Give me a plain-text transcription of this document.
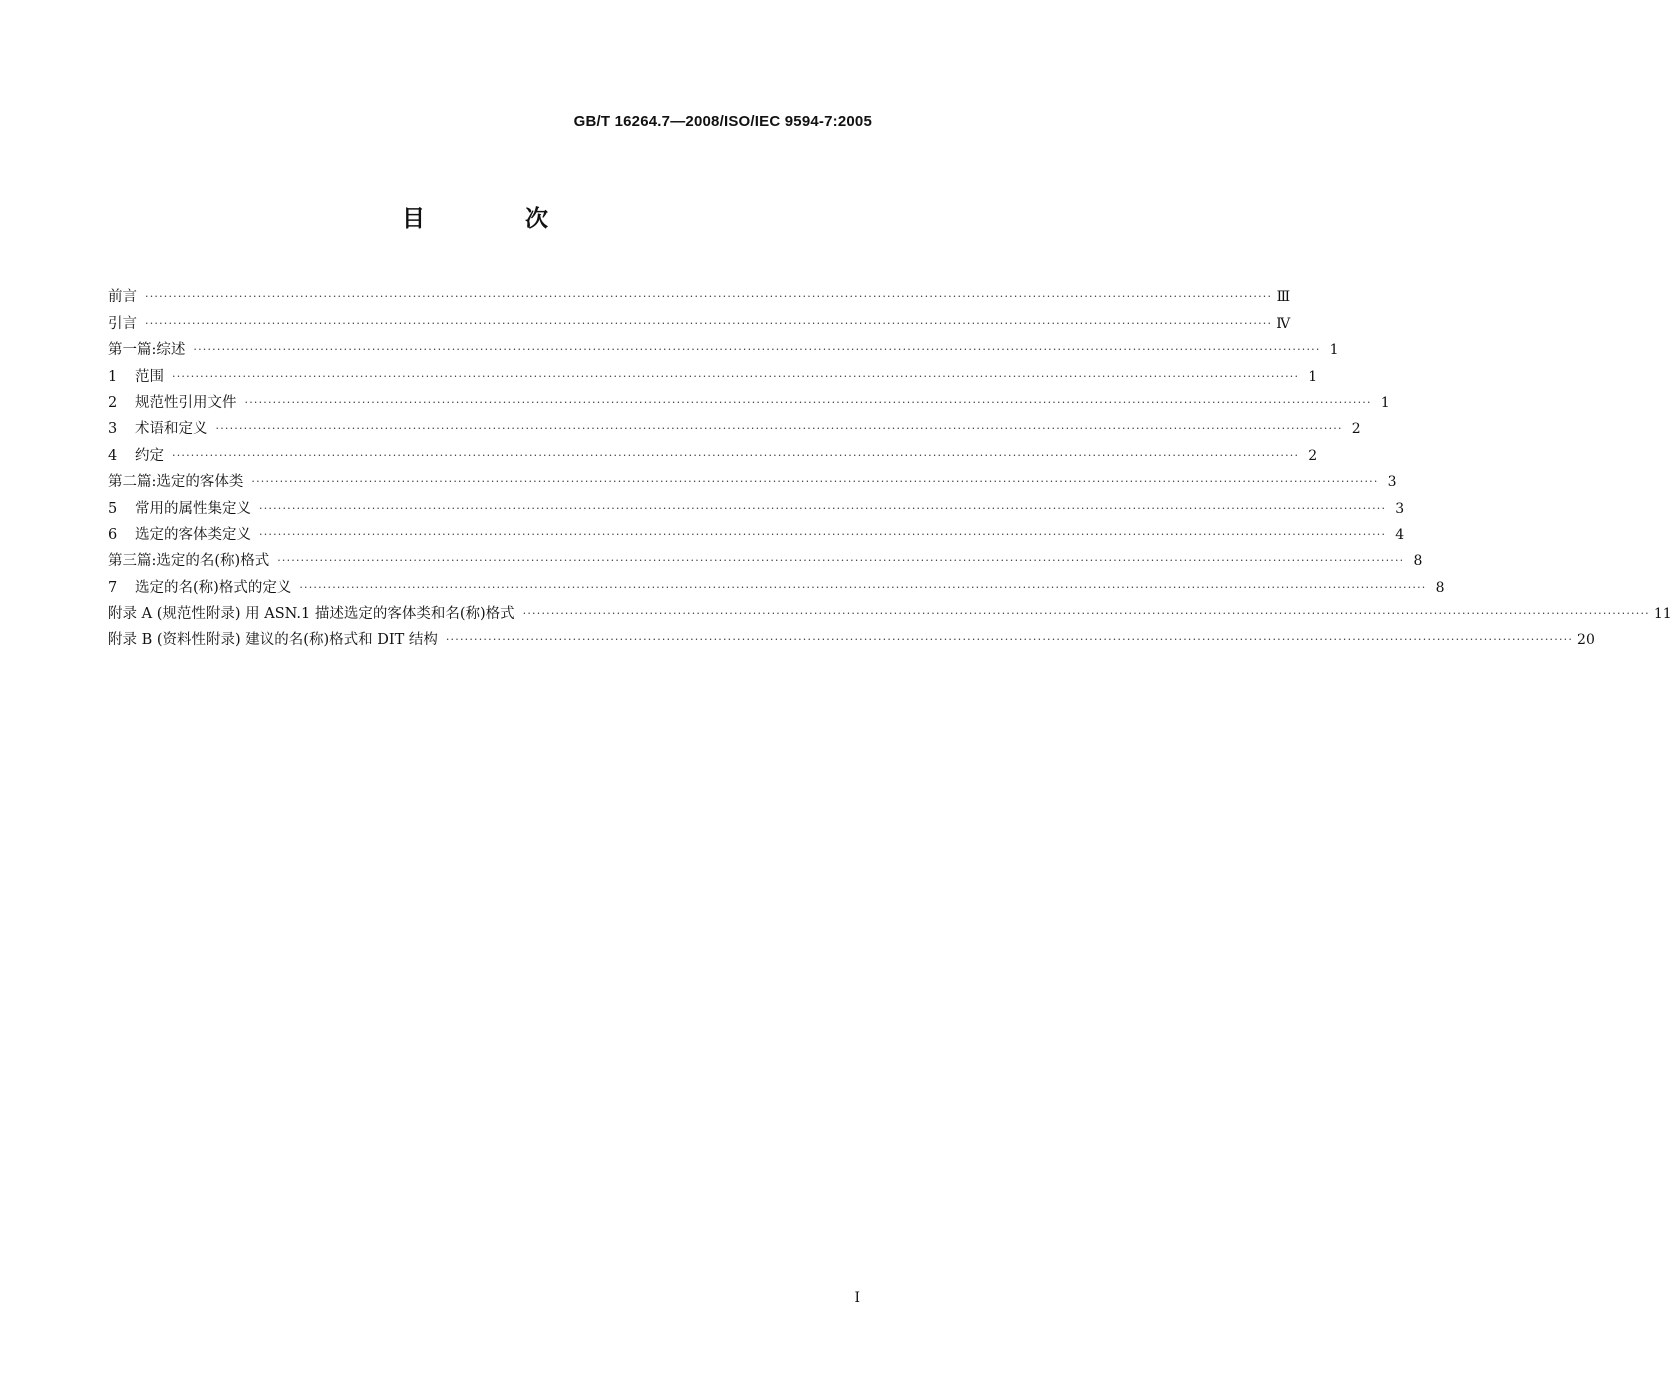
GB/T 16264.7—2008/ISO/IEC 9594-7:2005
目 次
前言 ················································································································································································································································ Ⅲ
引言 ················································································································································································································································ Ⅳ
第一篇:综述 ················································································································································································································································ 1
1	范围 ················································································································································································································································ 1
2	规范性引用文件 ················································································································································································································································ 1
3	术语和定义 ················································································································································································································································ 2
4	约定 ················································································································································································································································ 2
第二篇:选定的客体类 ················································································································································································································································ 3
5	常用的属性集定义 ················································································································································································································································ 3
6	选定的客体类定义 ················································································································································································································································ 4
第三篇:选定的名(称)格式 ················································································································································································································································ 8
7	选定的名(称)格式的定义 ················································································································································································································································ 8
附录 A (规范性附录) 用 ASN.1 描述选定的客体类和名(称)格式 ················································································································································································································································ 11
附录 B (资料性附录) 建议的名(称)格式和 DIT 结构 ················································································································································································································································ 20
I
